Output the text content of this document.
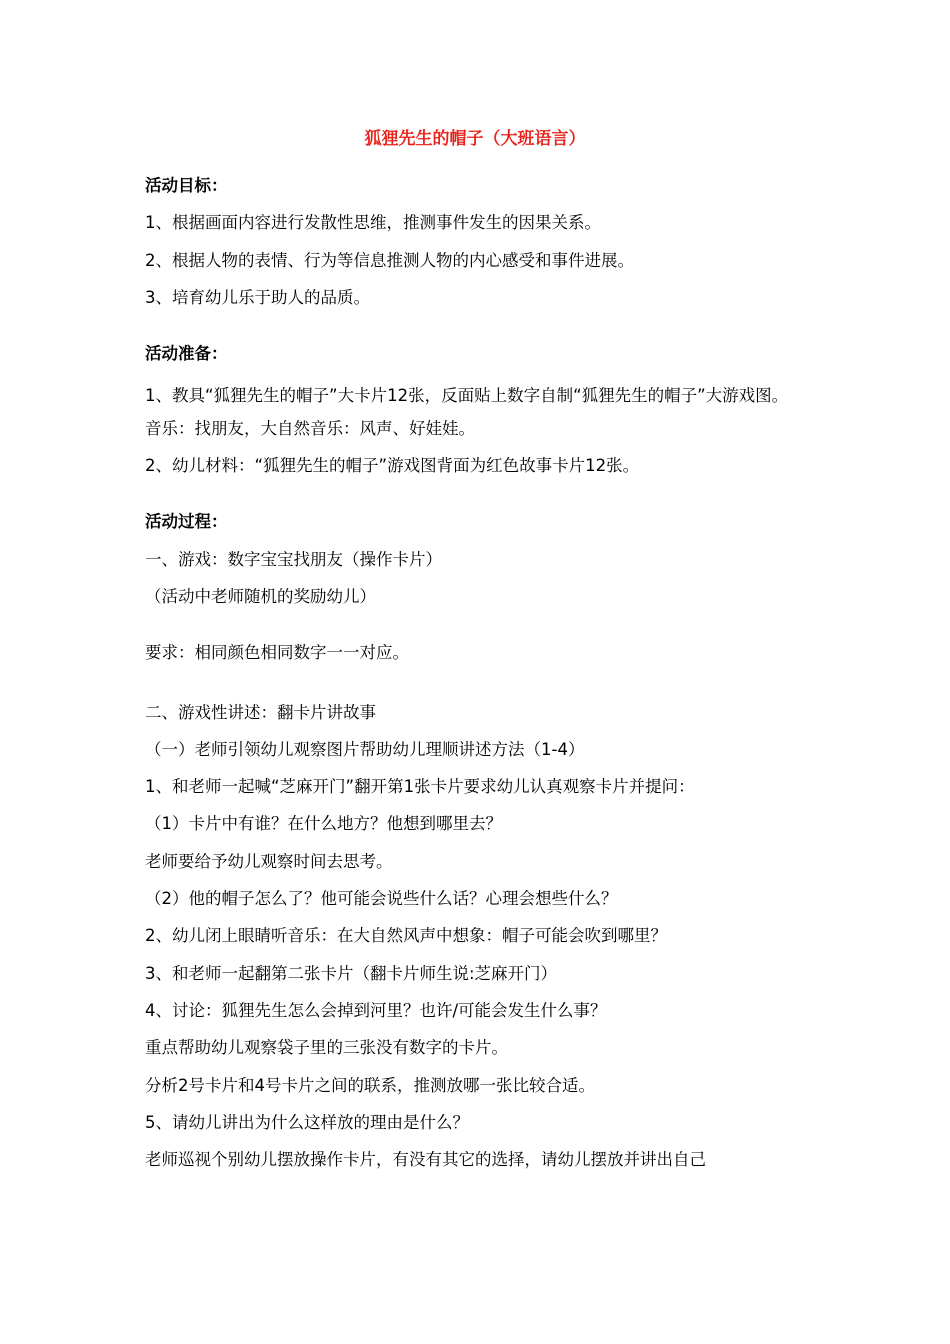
狐狸先生的帽子（大班语言）
活动目标：
1、根据画面内容进行发散性思维，推测事件发生的因果关系。
2、根据人物的表情、行为等信息推测人物的内心感受和事件进展。
3、培育幼儿乐于助人的品质。
活动准备：
1、教具“狐狸先生的帽子”大卡片12张，反面贴上数字自制“狐狸先生的帽子”大游戏图。
音乐：找朋友，大自然音乐：风声、好娃娃。
2、幼儿材料：“狐狸先生的帽子”游戏图背面为红色故事卡片12张。
活动过程：
一、游戏：数字宝宝找朋友（操作卡片）
（活动中老师随机的奖励幼儿）
要求：相同颜色相同数字一一对应。
二、游戏性讲述：翻卡片讲故事
（一）老师引领幼儿观察图片帮助幼儿理顺讲述方法（1-4）
1、和老师一起喊“芝麻开门”翻开第1张卡片要求幼儿认真观察卡片并提问：
（1）卡片中有谁？在什么地方？他想到哪里去？
老师要给予幼儿观察时间去思考。
（2）他的帽子怎么了？他可能会说些什么话？心理会想些什么？
2、幼儿闭上眼睛听音乐：在大自然风声中想象：帽子可能会吹到哪里？
3、和老师一起翻第二张卡片（翻卡片师生说:芝麻开门）
4、讨论：狐狸先生怎么会掉到河里？也许/可能会发生什么事？
重点帮助幼儿观察袋子里的三张没有数字的卡片。
分析2号卡片和4号卡片之间的联系，推测放哪一张比较合适。
5、请幼儿讲出为什么这样放的理由是什么？
老师巡视个别幼儿摆放操作卡片，有没有其它的选择，请幼儿摆放并讲出自己
